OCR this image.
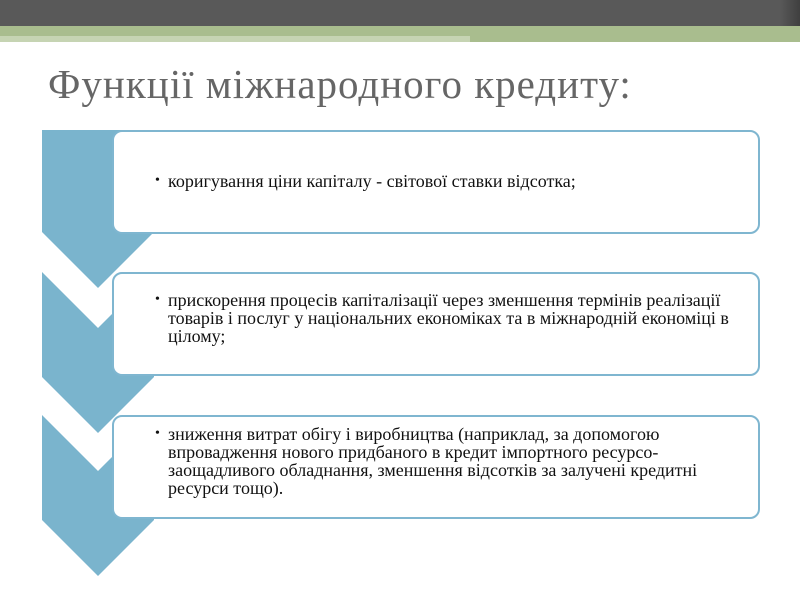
Функції міжнародного кредиту:
• коригування ціни капіталу - світової ставки відсотка;
• прискорення процесів капіталізації через зменшення термінів реалізації товарів і послуг у національних економіках та в міжнародній економіці в цілому;
• зниження витрат обігу і виробництва (наприклад, за допомогою впровадження нового придбаного в кредит імпортного ресурсо-заощадливого обладнання, зменшення відсотків за залучені кредитні ресурси тощо).
